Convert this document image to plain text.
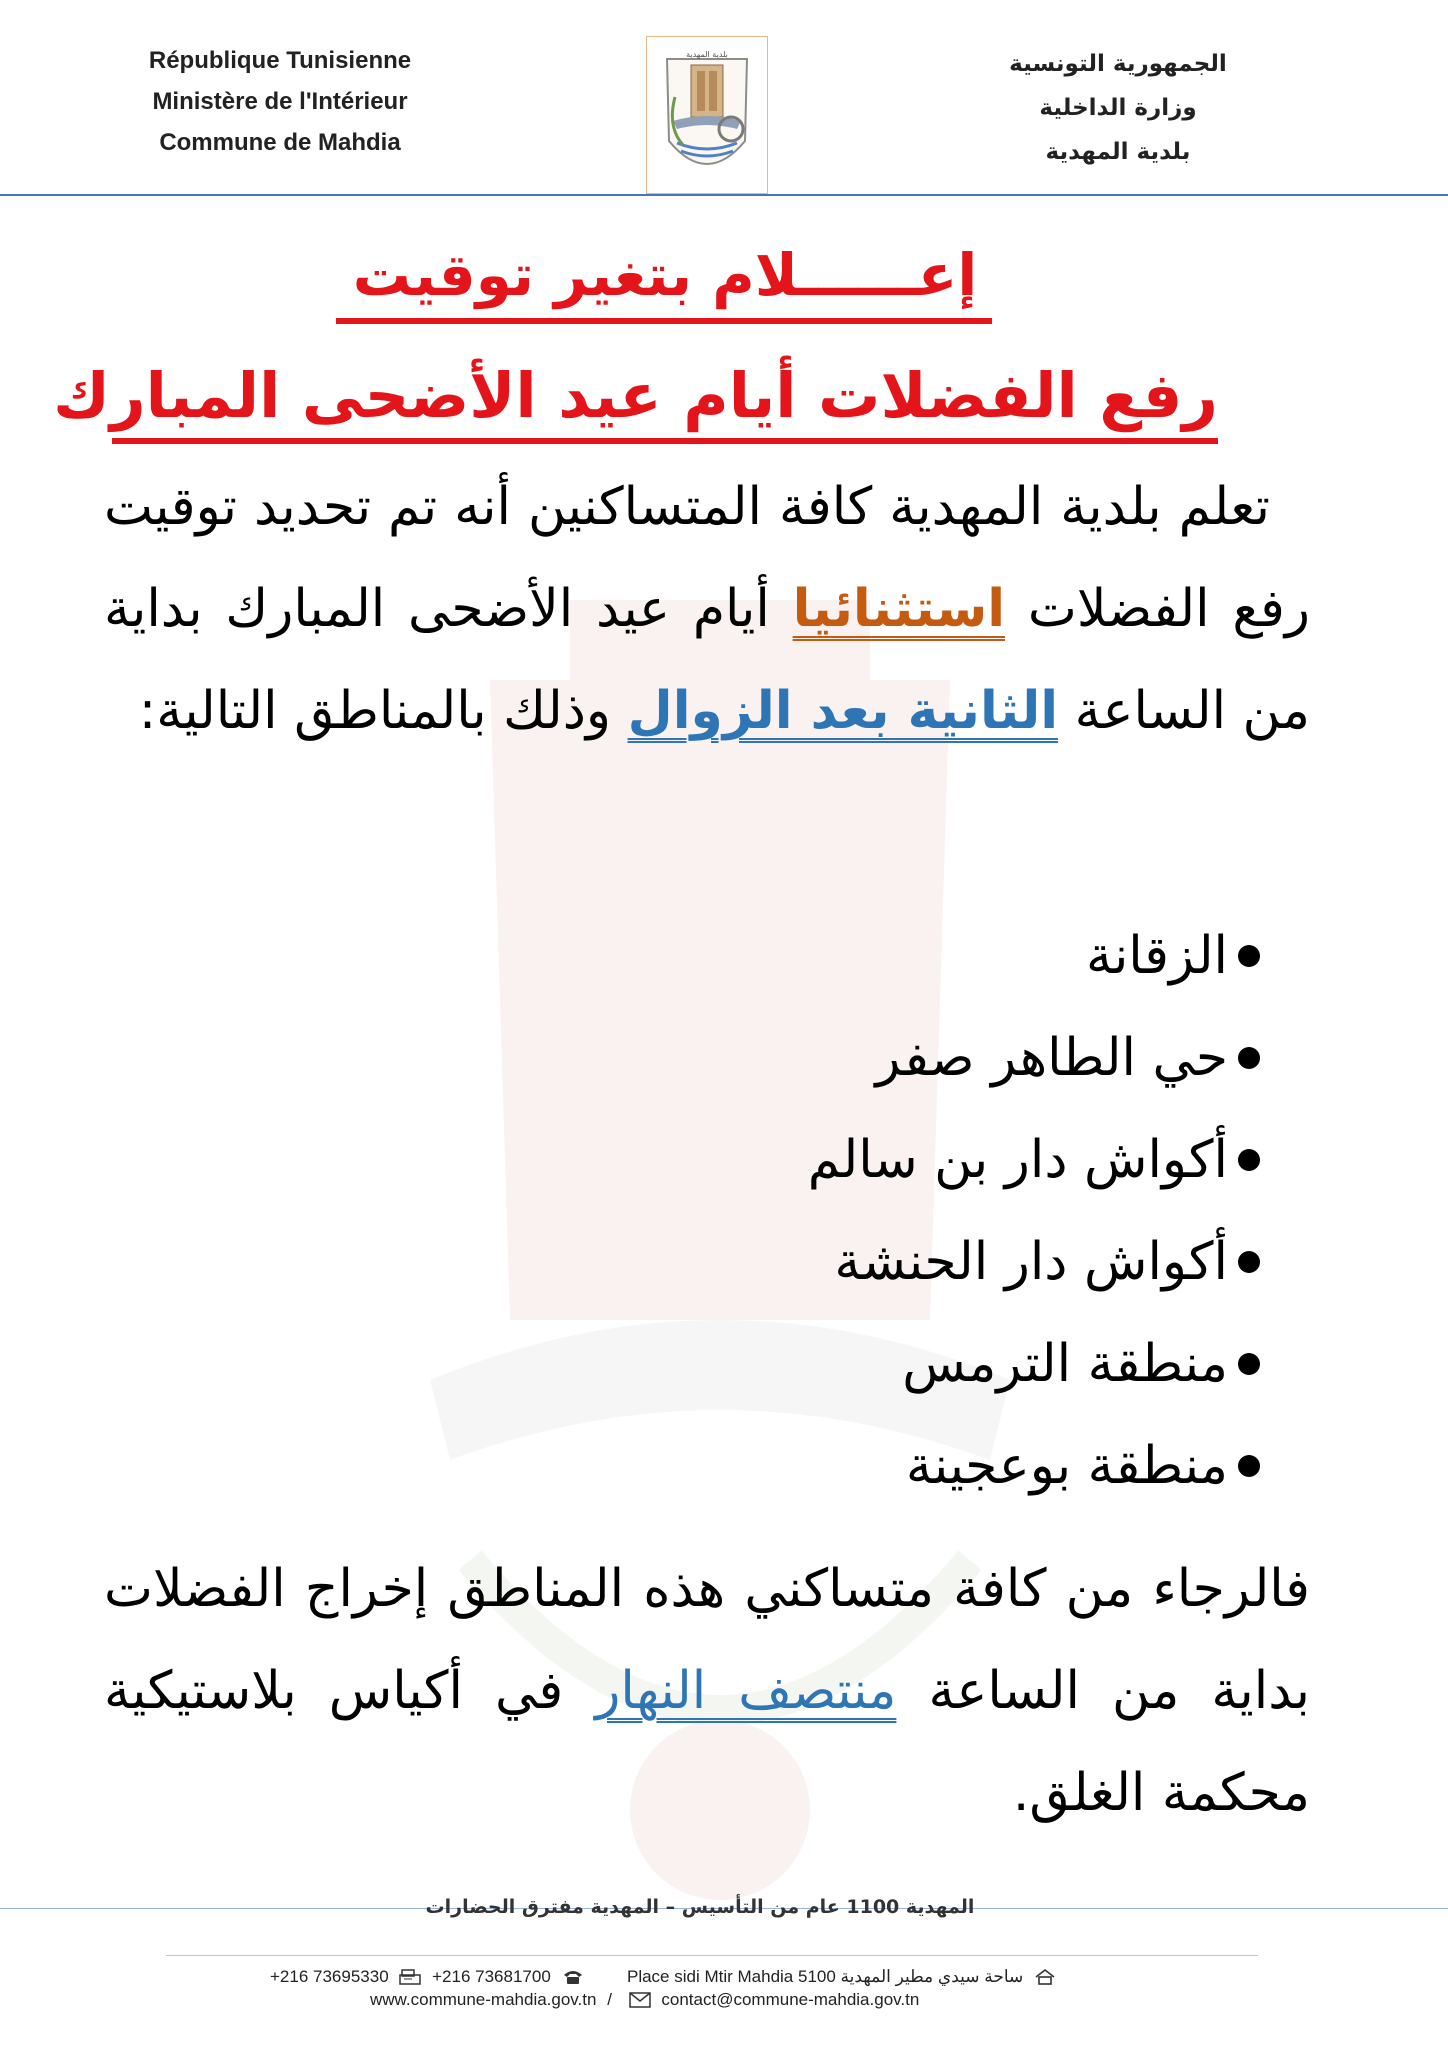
République Tunisienne
Ministère de l'Intérieur
Commune de Mahdia
بلدية المهدية	الجمهورية التونسية
وزارة الداخلية
بلدية المهدية
إعــــــلام بتغير توقيت
رفع الفضلات أيام عيد الأضحى المبارك
تعلم بلدية المهدية كافة المتساكنين أنه تم تحديد توقيت رفع الفضلات استثنائيا أيام عيد الأضحى المبارك بداية من الساعة الثانية بعد الزوال وذلك بالمناطق التالية:
الزقانة
حي الطاهر صفر
أكواش دار بن سالم
أكواش دار الحنشة
منطقة الترمس
منطقة بوعجينة
فالرجاء من كافة متساكني هذه المناطق إخراج الفضلات بداية من الساعة منتصف النهار في أكياس بلاستيكية محكمة الغلق.
المهدية 1100 عام من التأسيس – المهدية مفترق الحضارات
+216 73695330	+216 73681700	Place sidi Mtir Mahdia 5100 ساحة سيدي مطير المهدية
www.commune-mahdia.gov.tn /	contact@commune-mahdia.gov.tn
